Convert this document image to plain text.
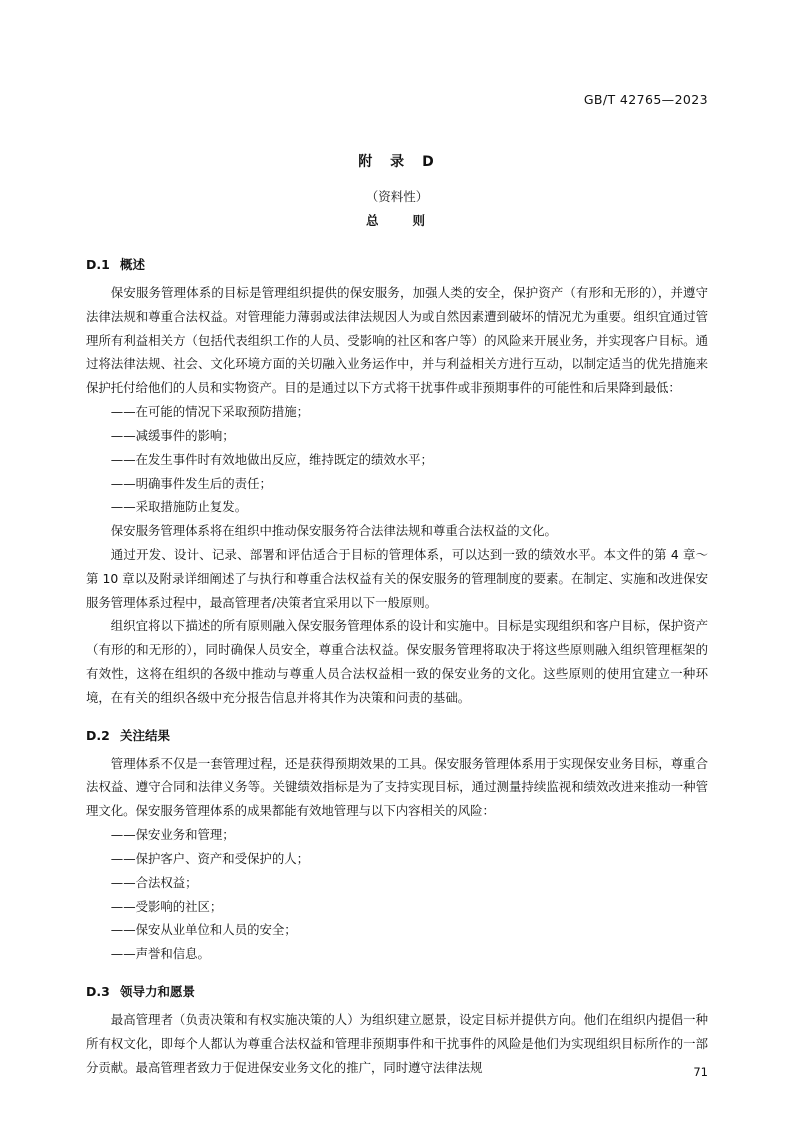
GB/T 42765—2023
附　录　D
（资料性）
总　　则
D.1 概述

保安服务管理体系的目标是管理组织提供的保安服务，加强人类的安全，保护资产（有形和无形的），并遵守法律法规和尊重合法权益。对管理能力薄弱或法律法规因人为或自然因素遭到破坏的情况尤为重要。组织宜通过管理所有利益相关方（包括代表组织工作的人员、受影响的社区和客户等）的风险来开展业务，并实现客户目标。通过将法律法规、社会、文化环境方面的关切融入业务运作中，并与利益相关方进行互动，以制定适当的优先措施来保护托付给他们的人员和实物资产。目的是通过以下方式将干扰事件或非预期事件的可能性和后果降到最低：

——在可能的情况下采取预防措施；
——减缓事件的影响；
——在发生事件时有效地做出反应，维持既定的绩效水平；
——明确事件发生后的责任；
——采取措施防止复发。

保安服务管理体系将在组织中推动保安服务符合法律法规和尊重合法权益的文化。

通过开发、设计、记录、部署和评估适合于目标的管理体系，可以达到一致的绩效水平。本文件的第 4 章～第 10 章以及附录详细阐述了与执行和尊重合法权益有关的保安服务的管理制度的要素。在制定、实施和改进保安服务管理体系过程中，最高管理者/决策者宜采用以下一般原则。

组织宜将以下描述的所有原则融入保安服务管理体系的设计和实施中。目标是实现组织和客户目标，保护资产（有形的和无形的），同时确保人员安全，尊重合法权益。保安服务管理将取决于将这些原则融入组织管理框架的有效性，这将在组织的各级中推动与尊重人员合法权益相一致的保安业务的文化。这些原则的使用宜建立一种环境，在有关的组织各级中充分报告信息并将其作为决策和问责的基础。

D.2 关注结果

管理体系不仅是一套管理过程，还是获得预期效果的工具。保安服务管理体系用于实现保安业务目标，尊重合法权益、遵守合同和法律义务等。关键绩效指标是为了支持实现目标，通过测量持续监视和绩效改进来推动一种管理文化。保安服务管理体系的成果都能有效地管理与以下内容相关的风险：

——保安业务和管理；
——保护客户、资产和受保护的人；
——合法权益；
——受影响的社区；
——保安从业单位和人员的安全；
——声誉和信息。
D.3 领导力和愿景

最高管理者（负责决策和有权实施决策的人）为组织建立愿景，设定目标并提供方向。他们在组织内提倡一种所有权文化，即每个人都认为尊重合法权益和管理非预期事件和干扰事件的风险是他们为实现组织目标所作的一部分贡献。最高管理者致力于促进保安业务文化的推广，同时遵守法律法规	71
